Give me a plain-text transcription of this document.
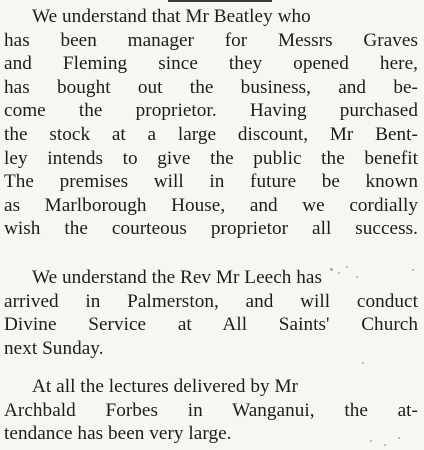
We understand that Mr Beatley who
has been manager for Messrs Graves
and Fleming since they opened here,
has bought out the business, and be-
come the proprietor. Having purchased
the stock at a large discount, Mr Bent-
ley intends to give the public the benefit
The premises will in future be known
as Marlborough House, and we cordially
wish the courteous proprietor all success.
We understand the Rev Mr Leech has
arrived in Palmerston, and will conduct
Divine Service at All Saints' Church
next Sunday.
At all the lectures delivered by Mr
Archbald Forbes in Wanganui, the at-
tendance has been very large.
